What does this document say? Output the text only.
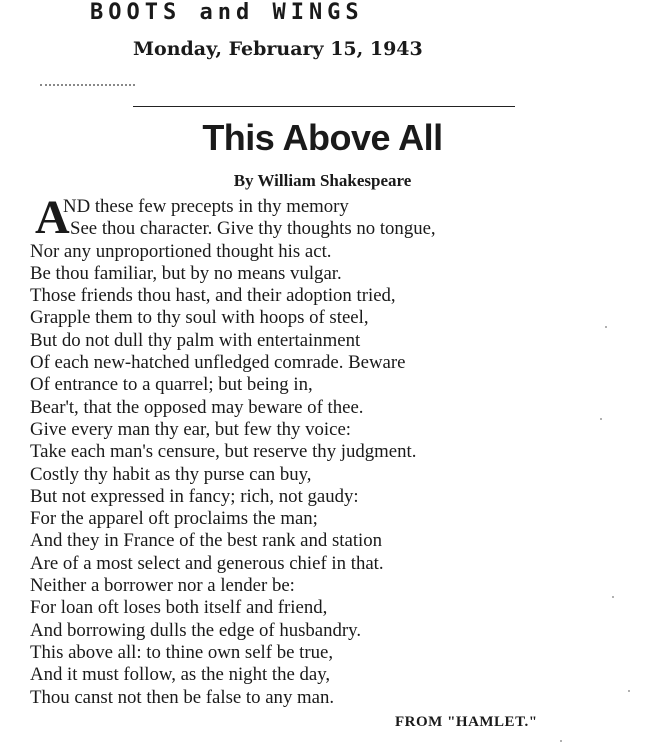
BOOTS and WINGS
Monday, February 15, 1943
This Above All
By William Shakespeare
A
ND these few precepts in thy memory
See thou character. Give thy thoughts no tongue,
Nor any unproportioned thought his act.
Be thou familiar, but by no means vulgar.
Those friends thou hast, and their adoption tried,
Grapple them to thy soul with hoops of steel,
But do not dull thy palm with entertainment
Of each new-hatched unfledged comrade. Beware
Of entrance to a quarrel; but being in,
Bear't, that the opposed may beware of thee.
Give every man thy ear, but few thy voice:
Take each man's censure, but reserve thy judgment.
Costly thy habit as thy purse can buy,
But not expressed in fancy; rich, not gaudy:
For the apparel oft proclaims the man;
And they in France of the best rank and station
Are of a most select and generous chief in that.
Neither a borrower nor a lender be:
For loan oft loses both itself and friend,
And borrowing dulls the edge of husbandry.
This above all: to thine own self be true,
And it must follow, as the night the day,
Thou canst not then be false to any man.
FROM "HAMLET."
